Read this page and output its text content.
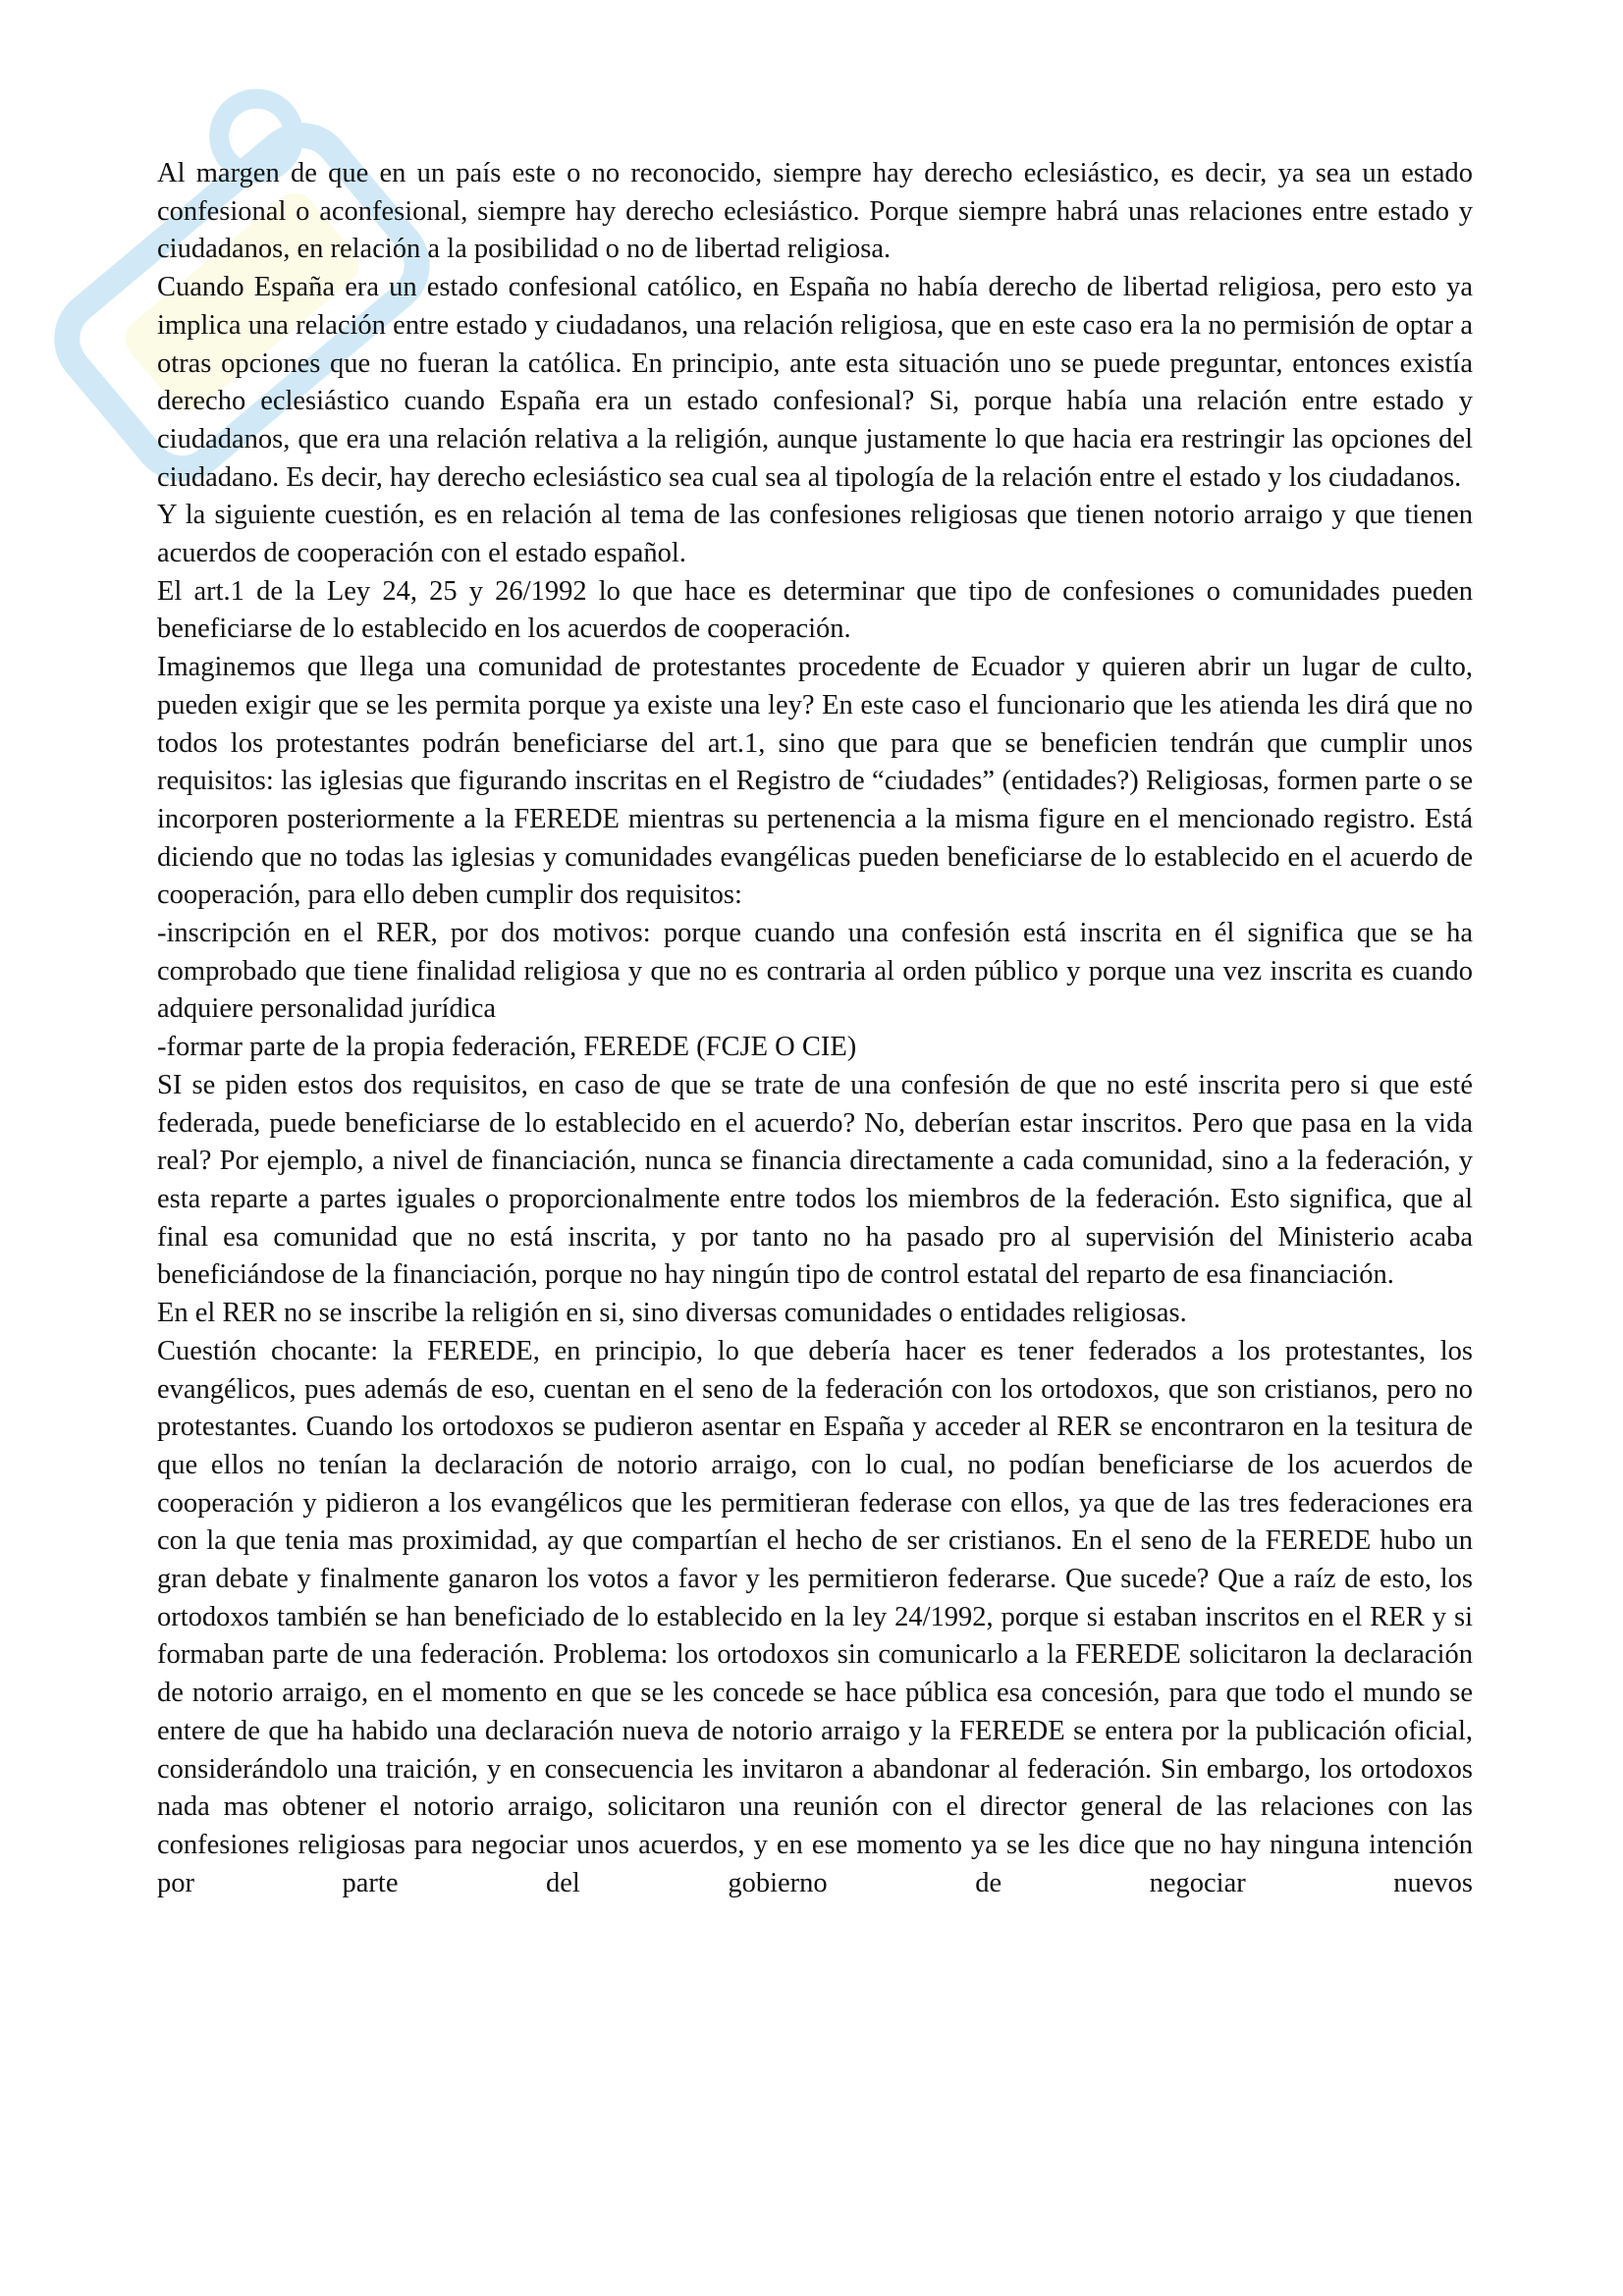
Al margen de que en un país este o no reconocido, siempre hay derecho eclesiástico, es decir, ya sea un estado confesional o aconfesional, siempre hay derecho eclesiástico. Porque siempre habrá unas relaciones entre estado y ciudadanos, en relación a la posibilidad o no de libertad religiosa.

Cuando España era un estado confesional católico, en España no había derecho de libertad religiosa, pero esto ya implica una relación entre estado y ciudadanos, una relación religiosa, que en este caso era la no permisión de optar a otras opciones que no fueran la católica. En principio, ante esta situación uno se puede preguntar, entonces existía derecho eclesiástico cuando España era un estado confesional? Si, porque había una relación entre estado y ciudadanos, que era una relación relativa a la religión, aunque justamente lo que hacia era restringir las opciones del ciudadano. Es decir, hay derecho eclesiástico sea cual sea al tipología de la relación entre el estado y los ciudadanos.

Y la siguiente cuestión, es en relación al tema de las confesiones religiosas que tienen notorio arraigo y que tienen acuerdos de cooperación con el estado español.

El art.1 de la Ley 24, 25 y 26/1992 lo que hace es determinar que tipo de confesiones o comunidades pueden beneficiarse de lo establecido en los acuerdos de cooperación.

Imaginemos que llega una comunidad de protestantes procedente de Ecuador y quieren abrir un lugar de culto, pueden exigir que se les permita porque ya existe una ley? En este caso el funcionario que les atienda les dirá que no todos los protestantes podrán beneficiarse del art.1, sino que para que se beneficien tendrán que cumplir unos requisitos: las iglesias que figurando inscritas en el Registro de “ciudades” (entidades?) Religiosas, formen parte o se incorporen posteriormente a la FEREDE mientras su pertenencia a la misma figure en el mencionado registro. Está diciendo que no todas las iglesias y comunidades evangélicas pueden beneficiarse de lo establecido en el acuerdo de cooperación, para ello deben cumplir dos requisitos:

-inscripción en el RER, por dos motivos: porque cuando una confesión está inscrita en él significa que se ha comprobado que tiene finalidad religiosa y que no es contraria al orden público y porque una vez inscrita es cuando adquiere personalidad jurídica

-formar parte de la propia federación, FEREDE (FCJE O CIE)

SI se piden estos dos requisitos, en caso de que se trate de una confesión de que no esté inscrita pero si que esté federada, puede beneficiarse de lo establecido en el acuerdo? No, deberían estar inscritos. Pero que pasa en la vida real? Por ejemplo, a nivel de financiación, nunca se financia directamente a cada comunidad, sino a la federación, y esta reparte a partes iguales o proporcionalmente entre todos los miembros de la federación. Esto significa, que al final esa comunidad que no está inscrita, y por tanto no ha pasado pro al supervisión del Ministerio acaba beneficiándose de la financiación, porque no hay ningún tipo de control estatal del reparto de esa financiación.

En el RER no se inscribe la religión en si, sino diversas comunidades o entidades religiosas.

Cuestión chocante: la FEREDE, en principio, lo que debería hacer es tener federados a los protestantes, los evangélicos, pues además de eso, cuentan en el seno de la federación con los ortodoxos, que son cristianos, pero no protestantes. Cuando los ortodoxos se pudieron asentar en España y acceder al RER se encontraron en la tesitura de que ellos no tenían la declaración de notorio arraigo, con lo cual, no podían beneficiarse de los acuerdos de cooperación y pidieron a los evangélicos que les permitieran federase con ellos, ya que de las tres federaciones era con la que tenia mas proximidad, ay que compartían el hecho de ser cristianos. En el seno de la FEREDE hubo un gran debate y finalmente ganaron los votos a favor y les permitieron federarse. Que sucede? Que a raíz de esto, los ortodoxos también se han beneficiado de lo establecido en la ley 24/1992, porque si estaban inscritos en el RER y si formaban parte de una federación. Problema: los ortodoxos sin comunicarlo a la FEREDE solicitaron la declaración de notorio arraigo, en el momento en que se les concede se hace pública esa concesión, para que todo el mundo se entere de que ha habido una declaración nueva de notorio arraigo y la FEREDE se entera por la publicación oficial, considerándolo una traición, y en consecuencia les invitaron a abandonar al federación. Sin embargo, los ortodoxos nada mas obtener el notorio arraigo, solicitaron una reunión con el director general de las relaciones con las confesiones religiosas para negociar unos acuerdos, y en ese momento ya se les dice que no hay ninguna intención por parte del gobierno de negociar nuevos
